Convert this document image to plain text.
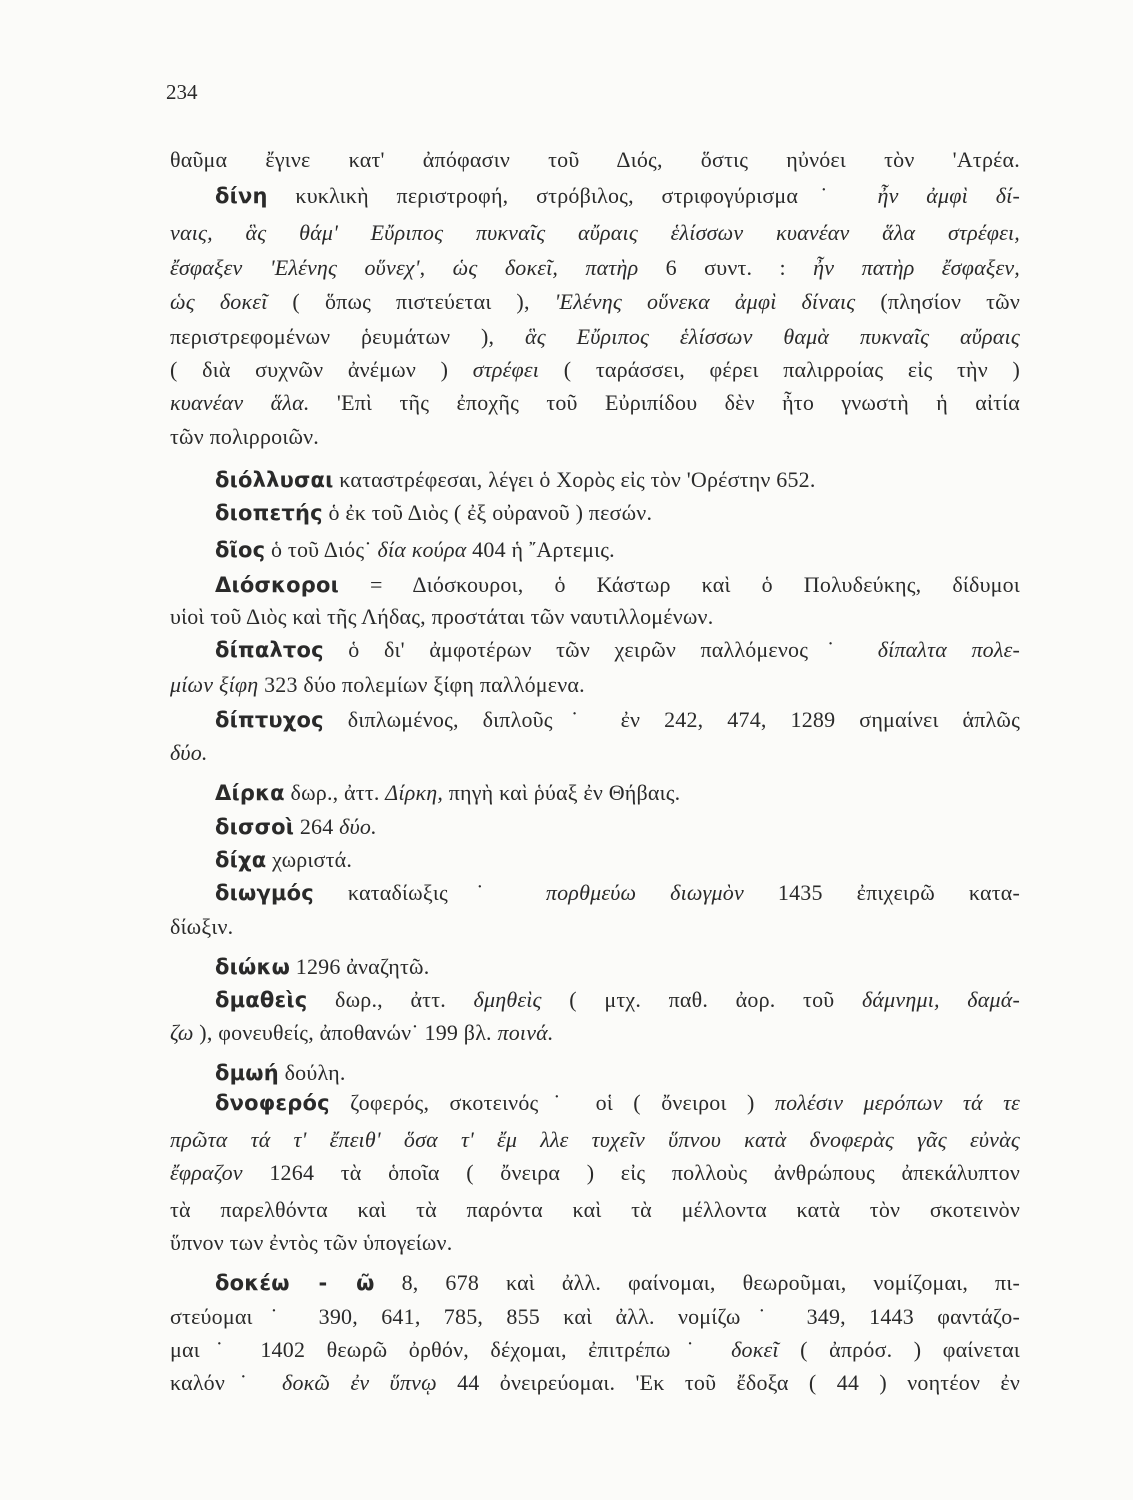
234
θαῦμα ἔγινε κατ' ἀπόφασιν τοῦ Διός, ὅστις ηὐνόει τὸν 'Ατρέα.
δίνη κυκλικὴ περιστροφή, στρόβιλος, στριφογύρισμα˙ ἦν ἀμφὶ δί-
ναις, ἃς θάμ' Εὔριπος πυκναῖς αὔραις ἑλίσσων κυανέαν ἅλα στρέφει,
ἔσφαξεν 'Ελένης οὕνεχ', ὡς δοκεῖ, πατὴρ 6 συντ. : ἦν πατὴρ ἔσφαξεν,
ὡς δοκεῖ ( ὅπως πιστεύεται ), 'Ελένης οὕνεκα ἀμφὶ δίναις (πλησίον τῶν
περιστρεφομένων ῥευμάτων ), ἃς Εὔριπος ἑλίσσων θαμὰ πυκναῖς αὔραις
( διὰ συχνῶν ἀνέμων ) στρέφει ( ταράσσει, φέρει παλιρροίας εἰς τὴν )
κυανέαν ἅλα. 'Επὶ τῆς ἐποχῆς τοῦ Εὐριπίδου δὲν ἦτο γνωστὴ ἡ αἰτία
τῶν πολιρροιῶν.
διόλλυσαι καταστρέφεσαι, λέγει ὁ Χορὸς εἰς τὸν 'Ορέστην 652.
διοπετής ὁ ἐκ τοῦ Διὸς ( ἐξ οὐρανοῦ ) πεσών.
δῖος ὁ τοῦ Διός˙ δία κούρα 404 ἡ ῎Αρτεμις.
Διόσκοροι = Διόσκουροι, ὁ Κάστωρ καὶ ὁ Πολυδεύκης, δίδυμοι
υἱοὶ τοῦ Διὸς καὶ τῆς Λήδας, προστάται τῶν ναυτιλλομένων.
δίπαλτος ὁ δι' ἀμφοτέρων τῶν χειρῶν παλλόμενος˙ δίπαλτα πολε-
μίων ξίφη 323 δύο πολεμίων ξίφη παλλόμενα.
δίπτυχος διπλωμένος, διπλοῦς˙ ἐν 242, 474, 1289 σημαίνει ἁπλῶς
δύο.
Δίρκα δωρ., ἀττ. Δίρκη, πηγὴ καὶ ῥύαξ ἐν Θήβαις.
δισσοὶ 264 δύο.
δίχα χωριστά.
διωγμός καταδίωξις˙ πορθμεύω διωγμὸν 1435 ἐπιχειρῶ κατα-
δίωξιν.
διώκω 1296 ἀναζητῶ.
δμαθεὶς δωρ., ἀττ. δμηθεὶς ( μτχ. παθ. ἀορ. τοῦ δάμνημι, δαμά-
ζω ), φονευθείς, ἀποθανών˙ 199 βλ. ποινά.
δμωή δούλη.
δνοφερός ζοφερός, σκοτεινός˙ οἱ ( ὄνειροι ) πολέσιν μερόπων τά τε
πρῶτα τά τ' ἔπειθ' ὅσα τ' ἔμ λλε τυχεῖν ὕπνου κατὰ δνοφερὰς γᾶς εὐνὰς
ἔφραζον 1264 τὰ ὁποῖα ( ὄνειρα ) εἰς πολλοὺς ἀνθρώπους ἀπεκάλυπτον
τὰ παρελθόντα καὶ τὰ παρόντα καὶ τὰ μέλλοντα κατὰ τὸν σκοτεινὸν
ὕπνον των ἐντὸς τῶν ὑπογείων.
δοκέω - ῶ 8, 678 καὶ ἀλλ. φαίνομαι, θεωροῦμαι, νομίζομαι, πι-
στεύομαι˙ 390, 641, 785, 855 καὶ ἀλλ. νομίζω˙ 349, 1443 φαντάζο-
μαι˙ 1402 θεωρῶ ὀρθόν, δέχομαι, ἐπιτρέπω˙ δοκεῖ ( ἀπρόσ. ) φαίνεται
καλόν˙ δοκῶ ἐν ὕπνῳ 44 ὀνειρεύομαι. 'Εκ τοῦ ἔδοξα ( 44 ) νοητέον ἐν
